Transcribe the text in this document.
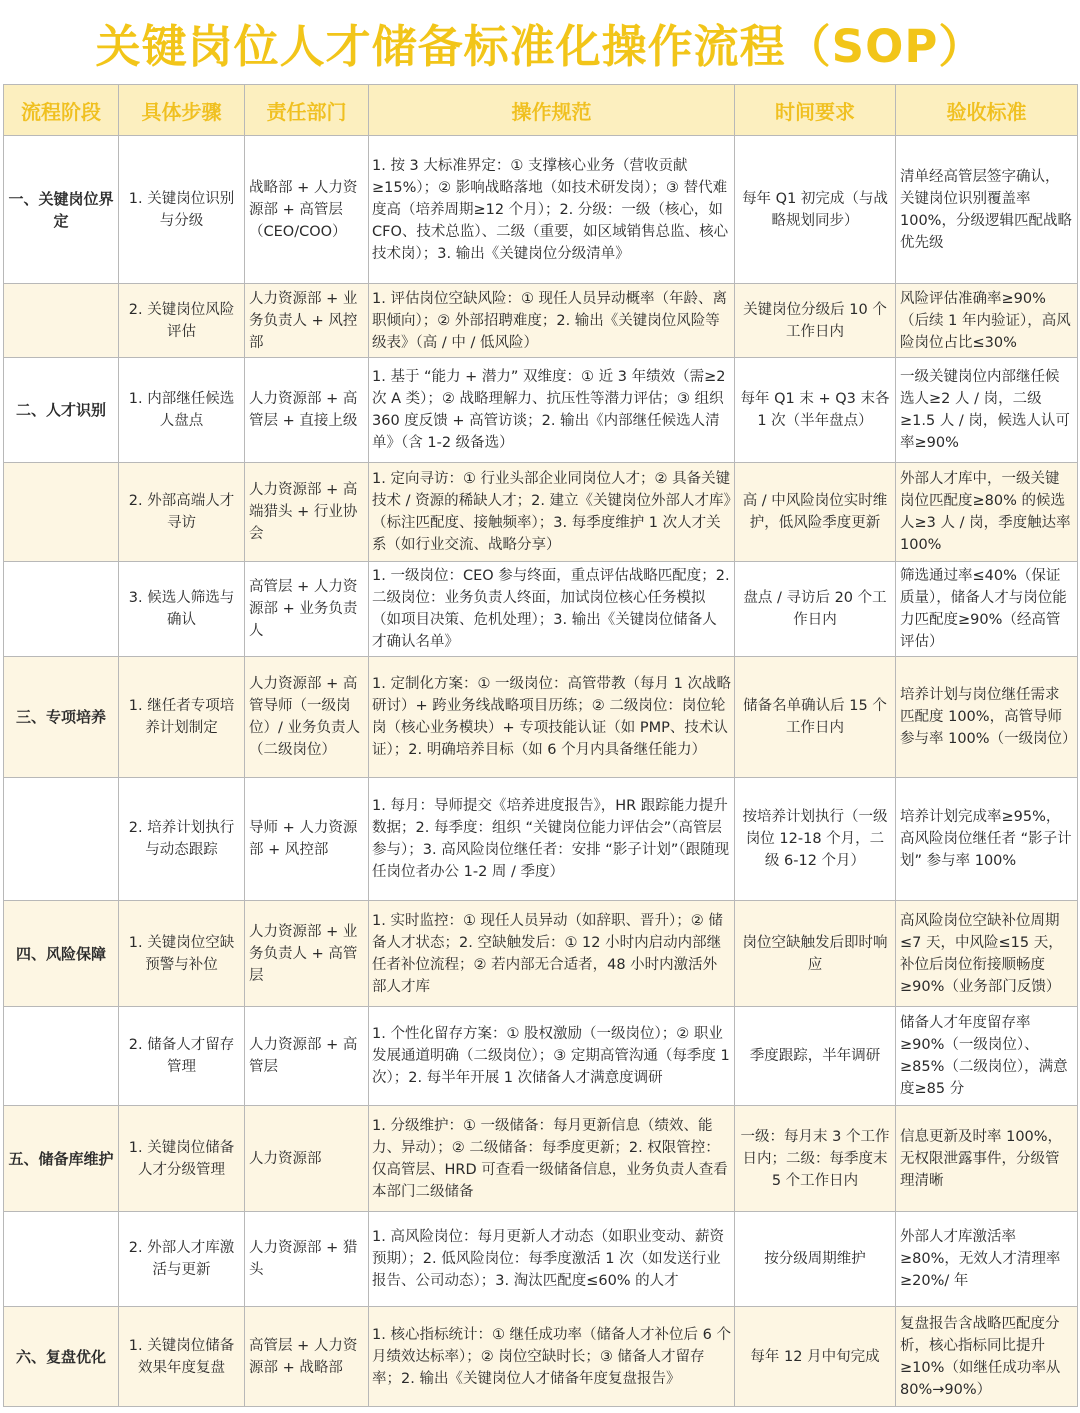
关键岗位人才储备标准化操作流程（SOP）
流程阶段	具体步骤	责任部门	操作规范	时间要求	验收标准
一、关键岗位界定	1. 关键岗位识别与分级	战略部 + 人力资源部 + 高管层（CEO/COO）	1. 按 3 大标准界定：① 支撑核心业务（营收贡献≥15%）；② 影响战略落地（如技术研发岗）；③ 替代难度高（培养周期≥12 个月）；2. 分级：一级（核心，如 CFO、技术总监）、二级（重要，如区域销售总监、核心技术岗）；3. 输出《关键岗位分级清单》	每年 Q1 初完成（与战略规划同步）	清单经高管层签字确认，关键岗位识别覆盖率 100%，分级逻辑匹配战略优先级
	2. 关键岗位风险评估	人力资源部 + 业务负责人 + 风控部	1. 评估岗位空缺风险：① 现任人员异动概率（年龄、离职倾向）；② 外部招聘难度；2. 输出《关键岗位风险等级表》（高 / 中 / 低风险）	关键岗位分级后 10 个工作日内	风险评估准确率≥90%（后续 1 年内验证），高风险岗位占比≤30%
二、人才识别	1. 内部继任候选人盘点	人力资源部 + 高管层 + 直接上级	1. 基于 “能力 + 潜力” 双维度：① 近 3 年绩效（需≥2 次 A 类）；② 战略理解力、抗压性等潜力评估；③ 组织 360 度反馈 + 高管访谈；2. 输出《内部继任候选人清单》（含 1-2 级备选）	每年 Q1 末 + Q3 末各 1 次（半年盘点）	一级关键岗位内部继任候选人≥2 人 / 岗，二级≥1.5 人 / 岗，候选人认可率≥90%
	2. 外部高端人才寻访	人力资源部 + 高端猎头 + 行业协会	1. 定向寻访：① 行业头部企业同岗位人才；② 具备关键技术 / 资源的稀缺人才；2. 建立《关键岗位外部人才库》（标注匹配度、接触频率）；3. 每季度维护 1 次人才关系（如行业交流、战略分享）	高 / 中风险岗位实时维护，低风险季度更新	外部人才库中，一级关键岗位匹配度≥80% 的候选人≥3 人 / 岗，季度触达率 100%
	3. 候选人筛选与确认	高管层 + 人力资源部 + 业务负责人	1. 一级岗位：CEO 参与终面，重点评估战略匹配度；2. 二级岗位：业务负责人终面，加试岗位核心任务模拟（如项目决策、危机处理）；3. 输出《关键岗位储备人才确认名单》	盘点 / 寻访后 20 个工作日内	筛选通过率≤40%（保证质量），储备人才与岗位能力匹配度≥90%（经高管评估）
三、专项培养	1. 继任者专项培养计划制定	人力资源部 + 高管导师（一级岗位）/ 业务负责人（二级岗位）	1. 定制化方案：① 一级岗位：高管带教（每月 1 次战略研讨）+ 跨业务线战略项目历练；② 二级岗位：岗位轮岗（核心业务模块）+ 专项技能认证（如 PMP、技术认证）；2. 明确培养目标（如 6 个月内具备继任能力）	储备名单确认后 15 个工作日内	培养计划与岗位继任需求匹配度 100%，高管导师参与率 100%（一级岗位）
	2. 培养计划执行与动态跟踪	导师 + 人力资源部 + 风控部	1. 每月：导师提交《培养进度报告》，HR 跟踪能力提升数据；2. 每季度：组织 “关键岗位能力评估会”（高管层参与）；3. 高风险岗位继任者：安排 “影子计划”（跟随现任岗位者办公 1-2 周 / 季度）	按培养计划执行（一级岗位 12-18 个月，二级 6-12 个月）	培养计划完成率≥95%，高风险岗位继任者 “影子计划” 参与率 100%
四、风险保障	1. 关键岗位空缺预警与补位	人力资源部 + 业务负责人 + 高管层	1. 实时监控：① 现任人员异动（如辞职、晋升）；② 储备人才状态；2. 空缺触发后：① 12 小时内启动内部继任者补位流程；② 若内部无合适者，48 小时内激活外部人才库	岗位空缺触发后即时响应	高风险岗位空缺补位周期≤7 天，中风险≤15 天，补位后岗位衔接顺畅度≥90%（业务部门反馈）
	2. 储备人才留存管理	人力资源部 + 高管层	1. 个性化留存方案：① 股权激励（一级岗位）；② 职业发展通道明确（二级岗位）；③ 定期高管沟通（每季度 1 次）；2. 每半年开展 1 次储备人才满意度调研	季度跟踪，半年调研	储备人才年度留存率≥90%（一级岗位）、≥85%（二级岗位），满意度≥85 分
五、储备库维护	1. 关键岗位储备人才分级管理	人力资源部	1. 分级维护：① 一级储备：每月更新信息（绩效、能力、异动）；② 二级储备：每季度更新；2. 权限管控：仅高管层、HRD 可查看一级储备信息，业务负责人查看本部门二级储备	一级：每月末 3 个工作日内；二级：每季度末 5 个工作日内	信息更新及时率 100%，无权限泄露事件，分级管理清晰
	2. 外部人才库激活与更新	人力资源部 + 猎头	1. 高风险岗位：每月更新人才动态（如职业变动、薪资预期）；2. 低风险岗位：每季度激活 1 次（如发送行业报告、公司动态）；3. 淘汰匹配度≤60% 的人才	按分级周期维护	外部人才库激活率≥80%，无效人才清理率≥20%/ 年
六、复盘优化	1. 关键岗位储备效果年度复盘	高管层 + 人力资源部 + 战略部	1. 核心指标统计：① 继任成功率（储备人才补位后 6 个月绩效达标率）；② 岗位空缺时长；③ 储备人才留存率；2. 输出《关键岗位人才储备年度复盘报告》	每年 12 月中旬完成	复盘报告含战略匹配度分析，核心指标同比提升≥10%（如继任成功率从 80%→90%）
